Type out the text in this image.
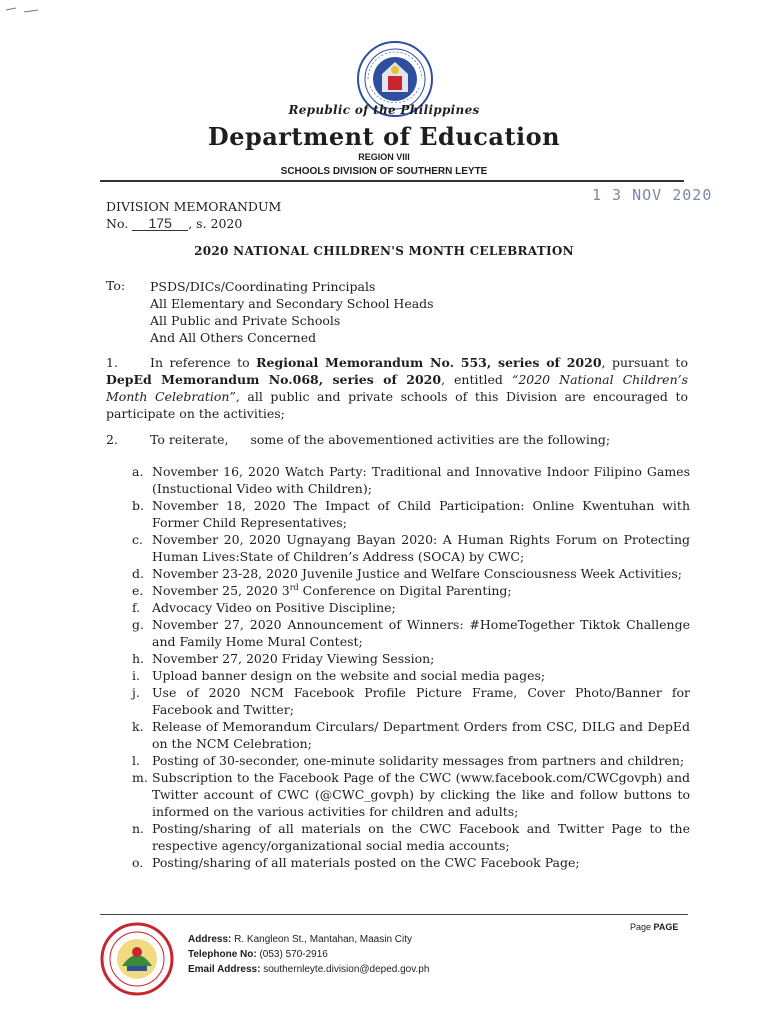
Republic of the Philippines
Department of Education
REGION VIII
SCHOOLS DIVISION OF SOUTHERN LEYTE
1 3 NOV 2020
DIVISION MEMORANDUM
No. 175 , s. 2020
2020 NATIONAL CHILDREN'S MONTH CELEBRATION
To: PSDS/DICs/Coordinating Principals
All Elementary and Secondary School Heads
All Public and Private Schools
And All Others Concerned
1.	In reference to Regional Memorandum No. 553, series of 2020, pursuant to DepEd Memorandum No.068, series of 2020, entitled “2020 National Children’s Month Celebration”, all public and private schools of this Division are encouraged to participate on the activities;
2.	To reiterate, some of the abovementioned activities are the following;
a. November 16, 2020 Watch Party: Traditional and Innovative Indoor Filipino Games (Instuctional Video with Children);
b. November 18, 2020 The Impact of Child Participation: Online Kwentuhan with Former Child Representatives;
c. November 20, 2020 Ugnayang Bayan 2020: A Human Rights Forum on Protecting Human Lives:State of Children’s Address (SOCA) by CWC;
d. November 23-28, 2020 Juvenile Justice and Welfare Consciousness Week Activities;
e. November 25, 2020 3rd Conference on Digital Parenting;
f. Advocacy Video on Positive Discipline;
g. November 27, 2020 Announcement of Winners: #HomeTogether Tiktok Challenge and Family Home Mural Contest;
h. November 27, 2020 Friday Viewing Session;
i. Upload banner design on the website and social media pages;
j. Use of 2020 NCM Facebook Profile Picture Frame, Cover Photo/Banner for Facebook and Twitter;
k. Release of Memorandum Circulars/ Department Orders from CSC, DILG and DepEd on the NCM Celebration;
l. Posting of 30-seconder, one-minute solidarity messages from partners and children;
m. Subscription to the Facebook Page of the CWC (www.facebook.com/CWCgovph) and Twitter account of CWC (@CWC_govph) by clicking the like and follow buttons to informed on the various activities for children and adults;
n. Posting/sharing of all materials on the CWC Facebook and Twitter Page to the respective agency/organizational social media accounts;
o. Posting/sharing of all materials posted on the CWC Facebook Page;
Page PAGE
Address: R. Kangleon St., Mantahan, Maasin City
Telephone No: (053) 570-2916
Email Address: southernleyte.division@deped.gov.ph
